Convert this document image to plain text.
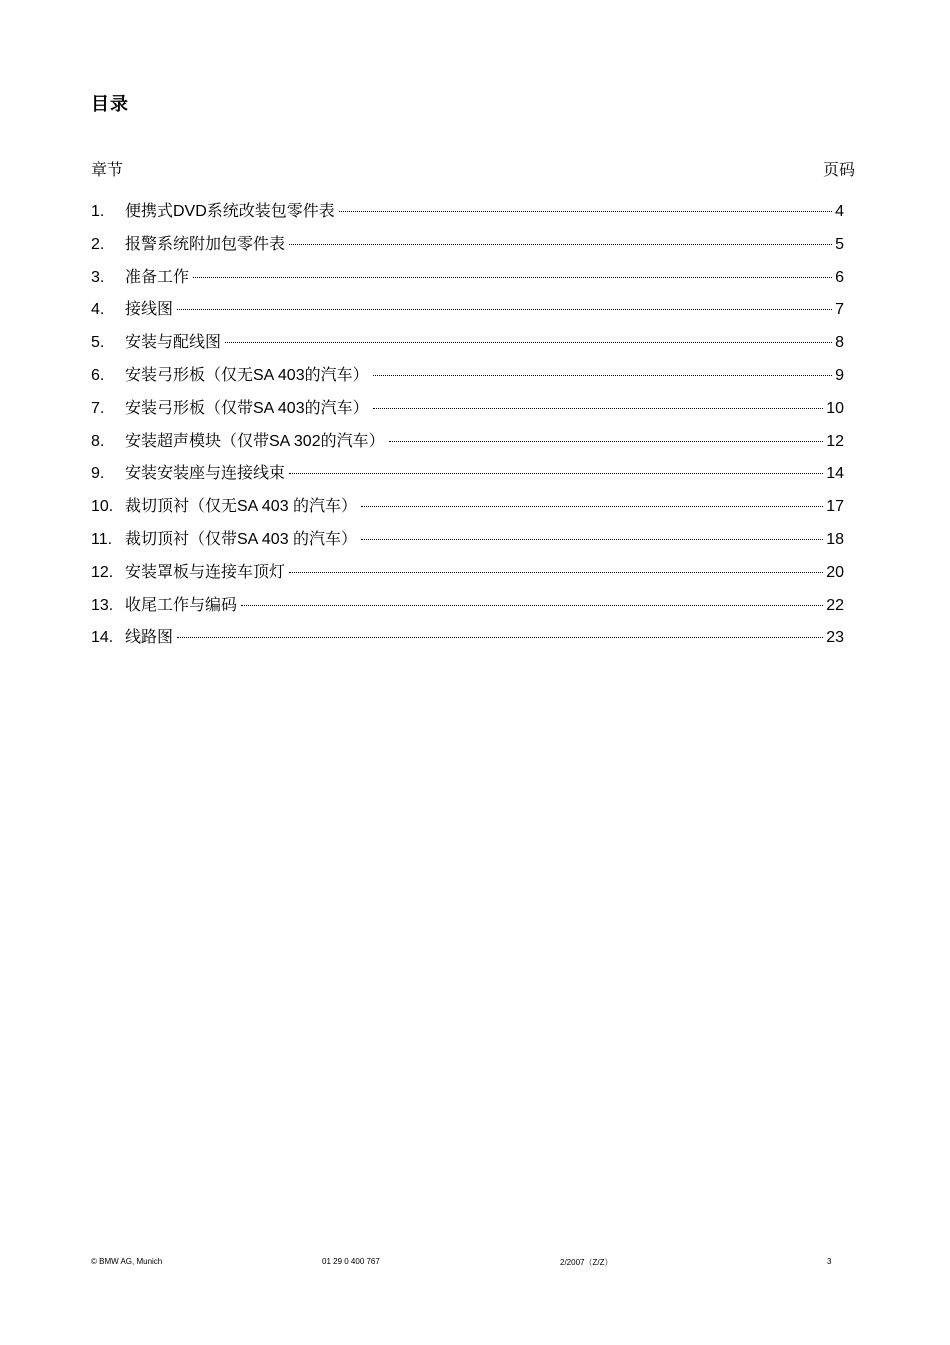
目录
章节	页码
1.	便携式DVD系统改装包零件表	4
2.	报警系统附加包零件表	5
3.	准备工作	6
4.	接线图	7
5.	安装与配线图	8
6.	安装弓形板（仅无SA 403的汽车）	9
7.	安装弓形板（仅带SA 403的汽车）	10
8.	安装超声模块（仅带SA 302的汽车）	12
9.	安装安装座与连接线束	14
10. 裁切顶衬（仅无SA 403 的汽车）	17
11. 裁切顶衬（仅带SA 403 的汽车）	18
12. 安装罩板与连接车顶灯	20
13. 收尾工作与编码	22
14. 线路图	23
© BMW AG, Munich	01 29 0 400 767	2/2007（Z/Z）	3
